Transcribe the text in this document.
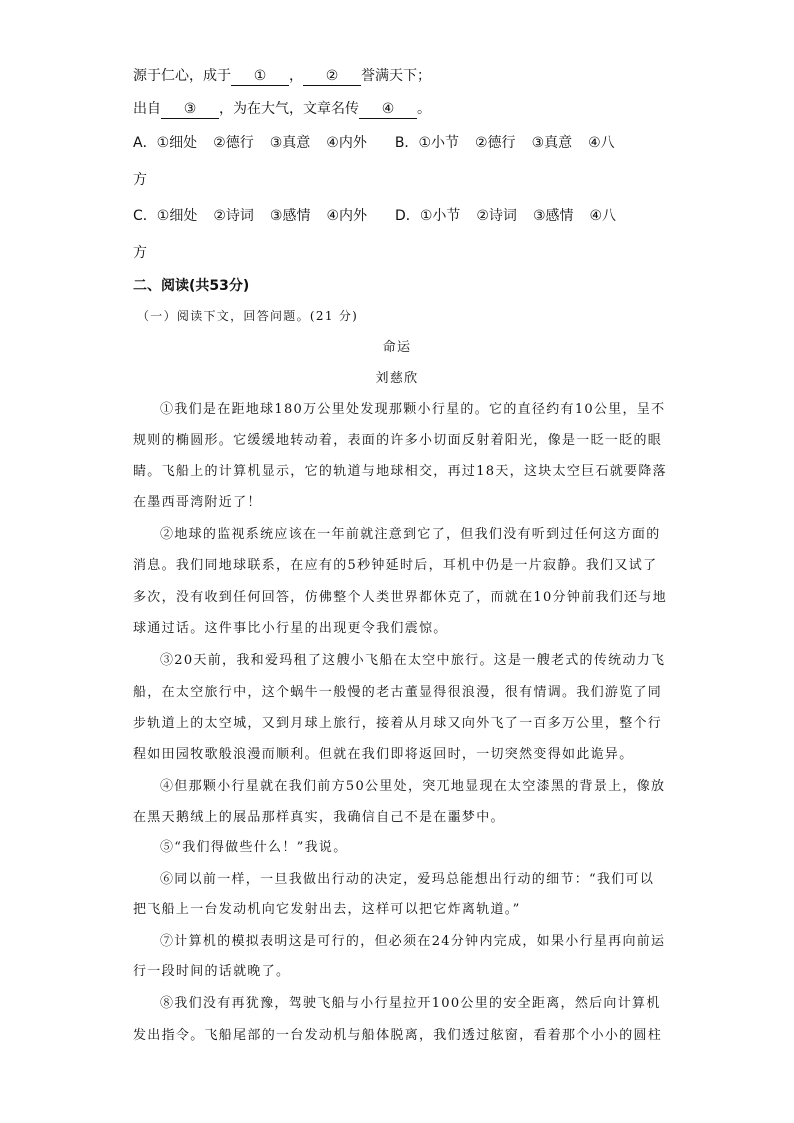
源于仁心，成于 ① ， ② 誉满天下；
出自 ③ ，为在大气，文章名传 ④ 。
A．①细处 ②德行 ③真意 ④内外 B．①小节 ②德行 ③真意 ④八
方
C．①细处 ②诗词 ③感情 ④内外 D．①小节 ②诗词 ③感情 ④八
方
二、阅读(共53分)
（一）阅读下文，回答问题。(21 分)
命运
刘慈欣
①我们是在距地球180万公里处发现那颗小行星的。它的直径约有10公里，呈不
规则的椭圆形。它缓缓地转动着，表面的许多小切面反射着阳光，像是一眨一眨的眼
睛。飞船上的计算机显示，它的轨道与地球相交，再过18天，这块太空巨石就要降落
在墨西哥湾附近了！
②地球的监视系统应该在一年前就注意到它了，但我们没有听到过任何这方面的
消息。我们同地球联系，在应有的5秒钟延时后，耳机中仍是一片寂静。我们又试了
多次，没有收到任何回答，仿佛整个人类世界都休克了，而就在10分钟前我们还与地
球通过话。这件事比小行星的出现更令我们震惊。
③20天前，我和爱玛租了这艘小飞船在太空中旅行。这是一艘老式的传统动力飞
船，在太空旅行中，这个蜗牛一般慢的老古董显得很浪漫，很有情调。我们游览了同
步轨道上的太空城，又到月球上旅行，接着从月球又向外飞了一百多万公里，整个行
程如田园牧歌般浪漫而顺利。但就在我们即将返回时，一切突然变得如此诡异。
④但那颗小行星就在我们前方50公里处，突兀地显现在太空漆黑的背景上，像放
在黑天鹅绒上的展品那样真实，我确信自己不是在噩梦中。
⑤“我们得做些什么！”我说。
⑥同以前一样，一旦我做出行动的决定，爱玛总能想出行动的细节：“我们可以
把飞船上一台发动机向它发射出去，这样可以把它炸离轨道。”
⑦计算机的模拟表明这是可行的，但必须在24分钟内完成，如果小行星再向前运
行一段时间的话就晚了。
⑧我们没有再犹豫，驾驶飞船与小行星拉开100公里的安全距离，然后向计算机
发出指令。飞船尾部的一台发动机与船体脱离，我们透过舷窗，看着那个小小的圆柱
